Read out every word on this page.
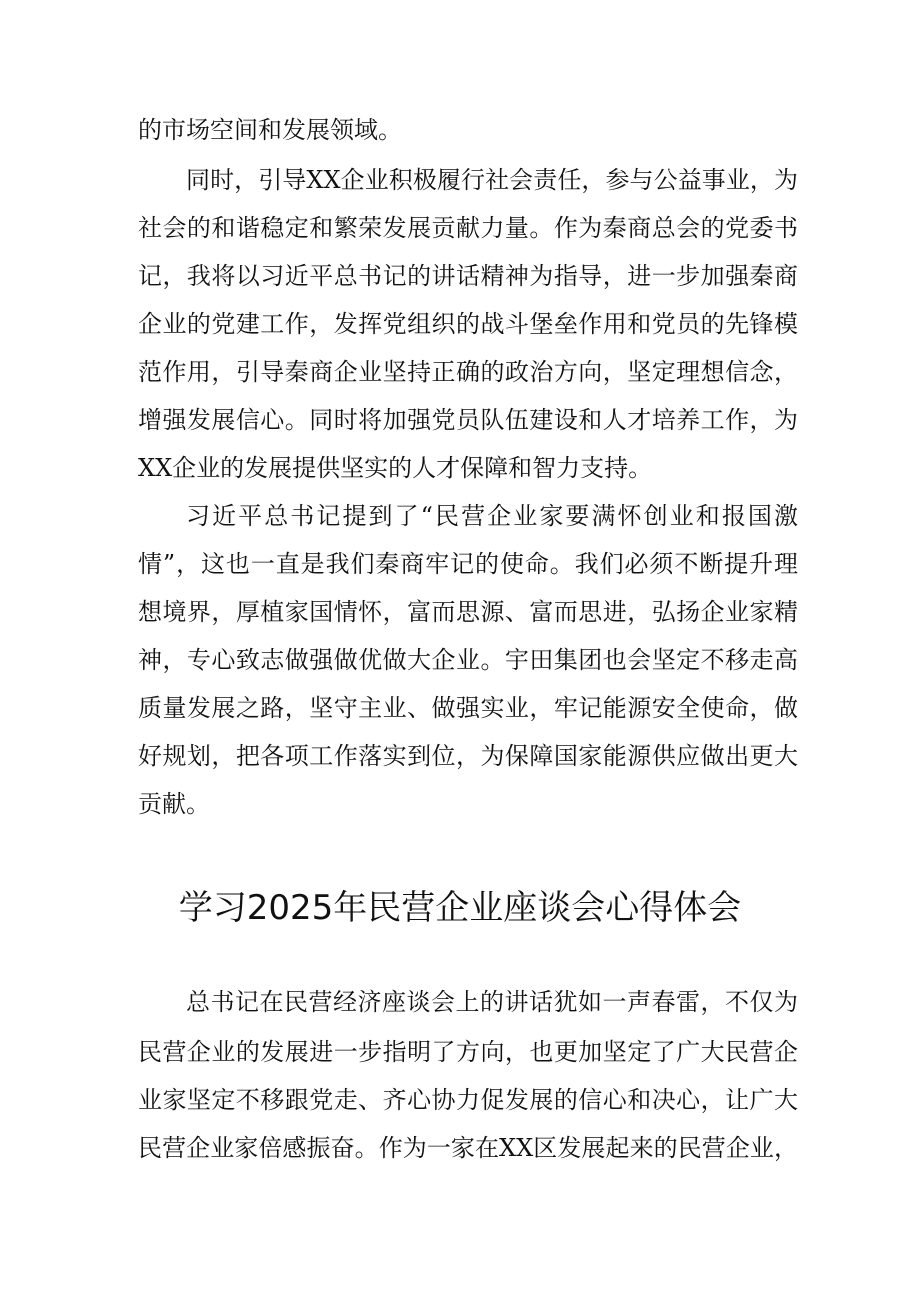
的市场空间和发展领域。
同时，引导XX企业积极履行社会责任，参与公益事业，为
社会的和谐稳定和繁荣发展贡献力量。作为秦商总会的党委书
记，我将以习近平总书记的讲话精神为指导，进一步加强秦商
企业的党建工作，发挥党组织的战斗堡垒作用和党员的先锋模
范作用，引导秦商企业坚持正确的政治方向，坚定理想信念，
增强发展信心。同时将加强党员队伍建设和人才培养工作，为
XX企业的发展提供坚实的人才保障和智力支持。
习近平总书记提到了“民营企业家要满怀创业和报国激
情”，这也一直是我们秦商牢记的使命。我们必须不断提升理
想境界，厚植家国情怀，富而思源、富而思进，弘扬企业家精
神，专心致志做强做优做大企业。宇田集团也会坚定不移走高
质量发展之路，坚守主业、做强实业，牢记能源安全使命，做
好规划，把各项工作落实到位，为保障国家能源供应做出更大
贡献。
学习2025年民营企业座谈会心得体会
总书记在民营经济座谈会上的讲话犹如一声春雷，不仅为
民营企业的发展进一步指明了方向，也更加坚定了广大民营企
业家坚定不移跟党走、齐心协力促发展的信心和决心，让广大
民营企业家倍感振奋。作为一家在XX区发展起来的民营企业，
